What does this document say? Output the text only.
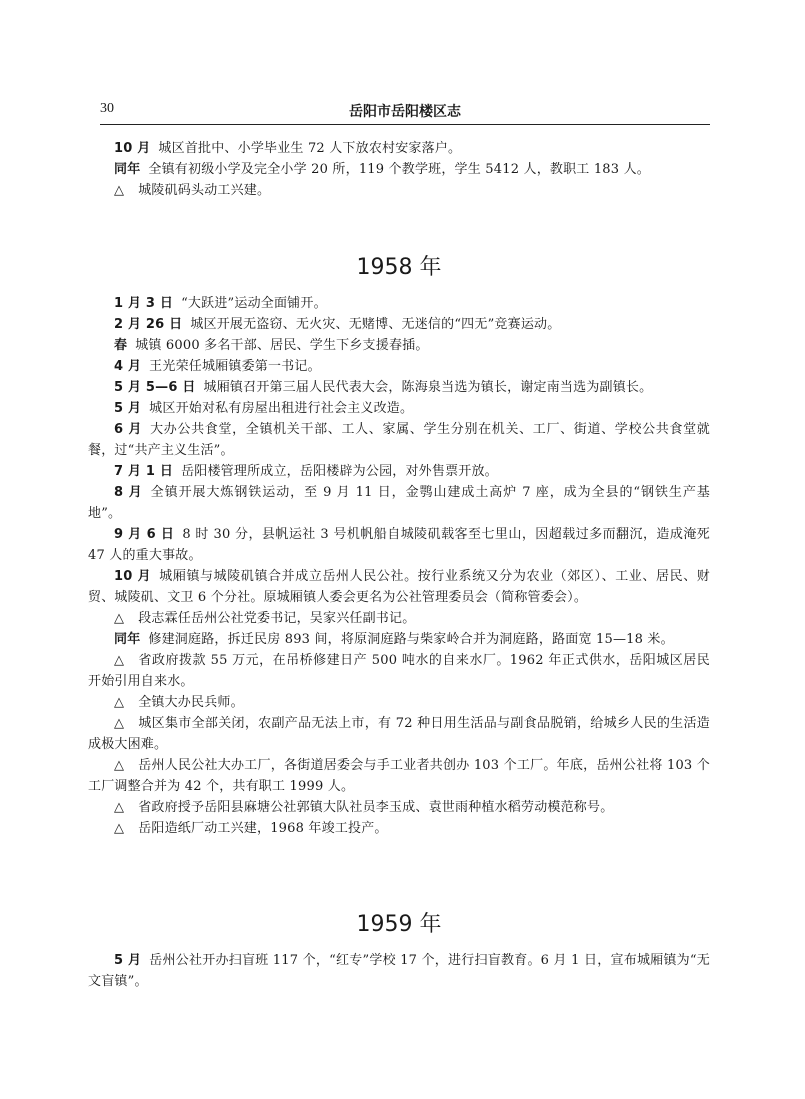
30	岳阳市岳阳楼区志

10 月 城区首批中、小学毕业生 72 人下放农村安家落户。

同年 全镇有初级小学及完全小学 20 所，119 个教学班，学生 5412 人，教职工 183 人。

△ 城陵矶码头动工兴建。

1958 年

1 月 3 日 “大跃进”运动全面铺开。

2 月 26 日 城区开展无盗窃、无火灾、无赌博、无迷信的“四无”竞赛运动。

春 城镇 6000 多名干部、居民、学生下乡支援春插。

4 月 王光荣任城厢镇委第一书记。

5 月 5—6 日 城厢镇召开第三届人民代表大会，陈海泉当选为镇长，谢定南当选为副镇长。

5 月 城区开始对私有房屋出租进行社会主义改造。

6 月 大办公共食堂，全镇机关干部、工人、家属、学生分别在机关、工厂、街道、学校公共食堂就餐，过“共产主义生活”。

7 月 1 日 岳阳楼管理所成立，岳阳楼辟为公园，对外售票开放。

8 月 全镇开展大炼钢铁运动，至 9 月 11 日，金鹗山建成土高炉 7 座，成为全县的“钢铁生产基地”。

9 月 6 日 8 时 30 分，县帆运社 3 号机帆船自城陵矶载客至七里山，因超载过多而翻沉，造成淹死 47 人的重大事故。

10 月 城厢镇与城陵矶镇合并成立岳州人民公社。按行业系统又分为农业（郊区）、工业、居民、财贸、城陵矶、文卫 6 个分社。原城厢镇人委会更名为公社管理委员会（简称管委会）。

△ 段志霖任岳州公社党委书记，吴家兴任副书记。

同年 修建洞庭路，拆迁民房 893 间，将原洞庭路与柴家岭合并为洞庭路，路面宽 15—18 米。

△ 省政府拨款 55 万元，在吊桥修建日产 500 吨水的自来水厂。1962 年正式供水，岳阳城区居民开始引用自来水。

△ 全镇大办民兵师。

△ 城区集市全部关闭，农副产品无法上市，有 72 种日用生活品与副食品脱销，给城乡人民的生活造成极大困难。

△ 岳州人民公社大办工厂，各街道居委会与手工业者共创办 103 个工厂。年底，岳州公社将 103 个工厂调整合并为 42 个，共有职工 1999 人。

△ 省政府授予岳阳县麻塘公社郭镇大队社员李玉成、袁世雨种植水稻劳动模范称号。

△ 岳阳造纸厂动工兴建，1968 年竣工投产。

1959 年

5 月 岳州公社开办扫盲班 117 个，“红专”学校 17 个，进行扫盲教育。6 月 1 日，宣布城厢镇为“无文盲镇”。
